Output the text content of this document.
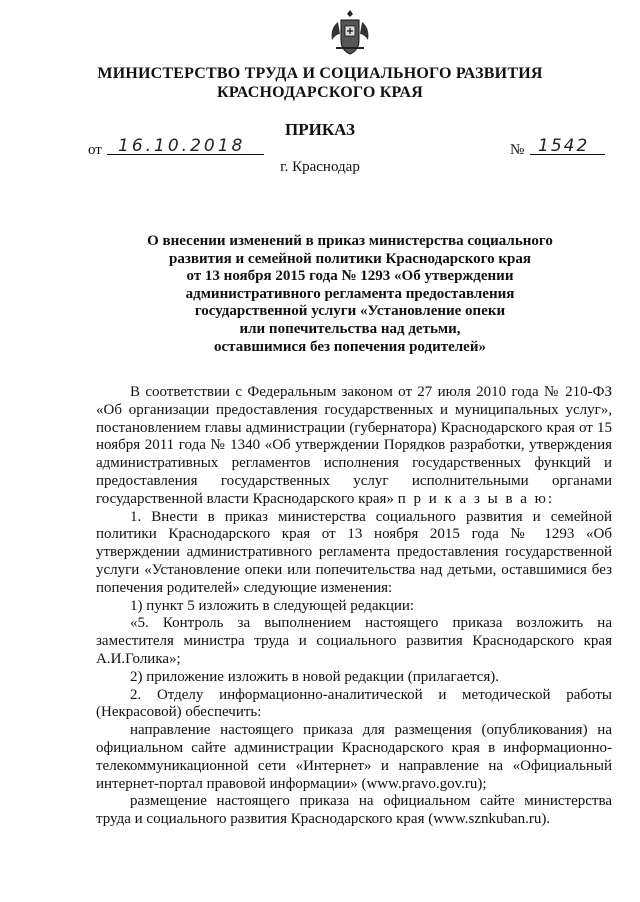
МИНИСТЕРСТВО ТРУДА И СОЦИАЛЬНОГО РАЗВИТИЯ
КРАСНОДАРСКОГО КРАЯ
ПРИКАЗ
от 16.10.2018	№ 1542
г. Краснодар
О внесении изменений в приказ министерства социального
развития и семейной политики Краснодарского края
от 13 ноября 2015 года № 1293 «Об утверждении
административного регламента предоставления
государственной услуги «Установление опеки
или попечительства над детьми,
оставшимися без попечения родителей»

В соответствии с Федеральным законом от 27 июля 2010 года № 210-ФЗ «Об организации предоставления государственных и муниципальных услуг», постановлением главы администрации (губернатора) Краснодарского края от 15 ноября 2011 года № 1340 «Об утверждении Порядков разработки, утверждения административных регламентов исполнения государственных функций и предоставления государственных услуг исполнительными органами государственной власти Краснодарского края» п р и к а з ы в а ю:

1. Внести в приказ министерства социального развития и семейной политики Краснодарского края от 13 ноября 2015 года № 1293 «Об утверждении административного регламента предоставления государственной услуги «Установление опеки или попечительства над детьми, оставшимися без попечения родителей» следующие изменения:

1) пункт 5 изложить в следующей редакции:

«5. Контроль за выполнением настоящего приказа возложить на заместителя министра труда и социального развития Краснодарского края А.И.Голика»;

2) приложение изложить в новой редакции (прилагается).

2. Отделу информационно-аналитической и методической работы (Некрасовой) обеспечить:

направление настоящего приказа для размещения (опубликования) на официальном сайте администрации Краснодарского края в информационно-телекоммуникационной сети «Интернет» и направление на «Официальный интернет-портал правовой информации» (www.pravo.gov.ru);

размещение настоящего приказа на официальном сайте министерства труда и социального развития Краснодарского края (www.sznkuban.ru).
